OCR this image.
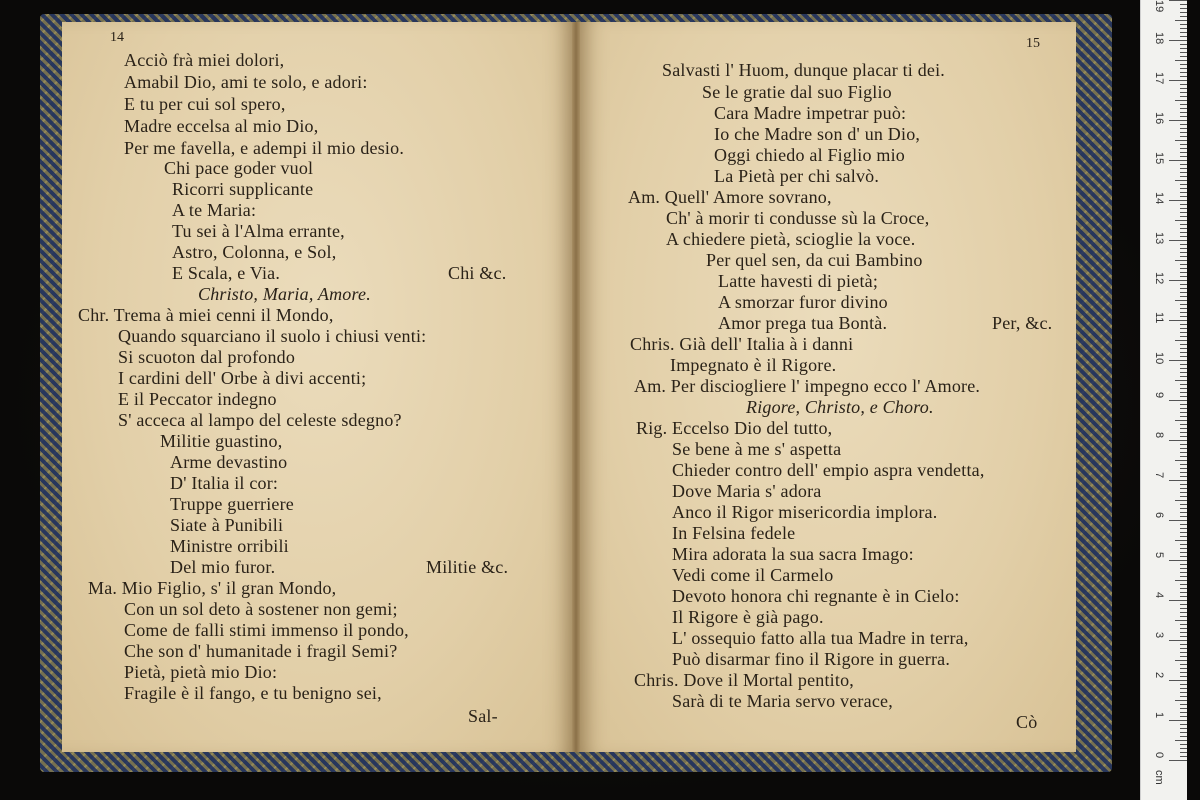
14
Acciò frà miei dolori,
Amabil Dio, ami te solo, e adori:
E tu per cui sol spero,
Madre eccelsa al mio Dio,
Per me favella, e adempi il mio desio.
Chi pace goder vuol
Ricorri supplicante
A te Maria:
Tu sei à l'Alma errante,
Astro, Colonna, e Sol,
E Scala, e Via.	Chi &c.
Christo, Maria, Amore.
Chr. Trema à miei cenni il Mondo,
Quando squarciano il suolo i chiusi venti:
Si scuoton dal profondo
I cardini dell' Orbe à divi accenti;
E il Peccator indegno
S' acceca al lampo del celeste sdegno?
Militie guastino,
Arme devastino
D' Italia il cor:
Truppe guerriere
Siate à Punibili
Ministre orribili
Del mio furor.	Militie &c.
Ma. Mio Figlio, s' il gran Mondo,
Con un sol deto à sostener non gemi;
Come de falli stimi immenso il pondo,
Che son d' humanitade i fragil Semi?
Pietà, pietà mio Dio:
Fragile è il fango, e tu benigno sei,
Sal-
15
Salvasti l' Huom, dunque placar ti dei.
Se le gratie dal suo Figlio
Cara Madre impetrar può:
Io che Madre son d' un Dio,
Oggi chiedo al Figlio mio
La Pietà per chi salvò.
Am. Quell' Amore sovrano,
Ch' à morir ti condusse sù la Croce,
A chiedere pietà, scioglie la voce.
Per quel sen, da cui Bambino
Latte havesti di pietà;
A smorzar furor divino
Amor prega tua Bontà.	Per, &c.
Chris. Già dell' Italia à i danni
Impegnato è il Rigore.
Am. Per disciogliere l' impegno ecco l' Amore.
Rigore, Christo, e Choro.
Rig. Eccelso Dio del tutto,
Se bene à me s' aspetta
Chieder contro dell' empio aspra vendetta,
Dove Maria s' adora
Anco il Rigor misericordia implora.
In Felsina fedele
Mira adorata la sua sacra Imago:
Vedi come il Carmelo
Devoto honora chi regnante è in Cielo:
Il Rigore è già pago.
L' ossequio fatto alla tua Madre in terra,
Può disarmar fino il Rigore in guerra.
Chris. Dove il Mortal pentito,
Sarà di te Maria servo verace,
Cò
0
1
2
3
4
5
6
7
8
9
10
11
12
13
14
15
16
17
18
19
cm
